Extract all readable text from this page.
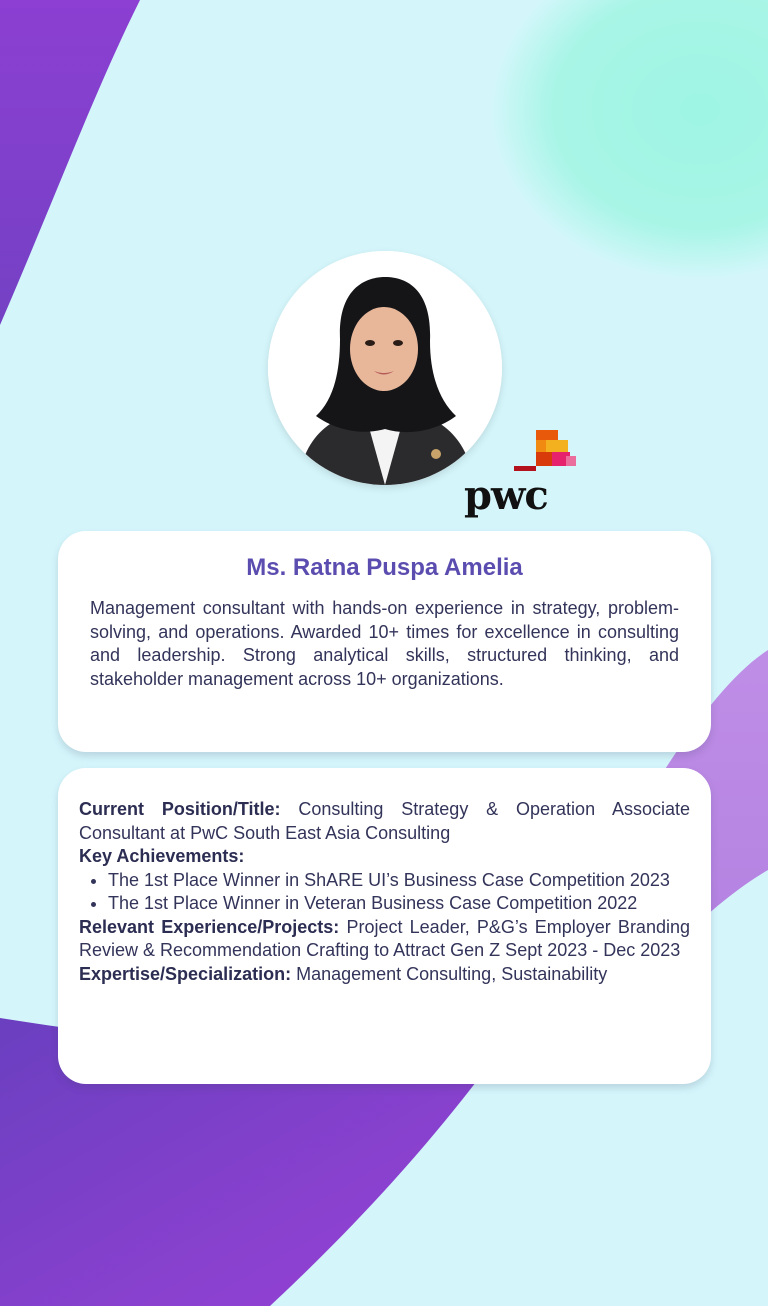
pwc
Ms. Ratna Puspa Amelia
Management consultant with hands-on experience in strategy, problem-solving, and operations. Awarded 10+ times for excellence in consulting and leadership. Strong analytical skills, structured thinking, and stakeholder management across 10+ organizations.

Current Position/Title: Consulting Strategy & Operation Associate Consultant at PwC South East Asia Consulting

Key Achievements:

• The 1st Place Winner in ShARE UI’s Business Case Competition 2023
• The 1st Place Winner in Veteran Business Case Competition 2022

Relevant Experience/Projects: Project Leader, P&G’s Employer Branding Review & Recommendation Crafting to Attract Gen Z Sept 2023 - Dec 2023

Expertise/Specialization: Management Consulting, Sustainability
